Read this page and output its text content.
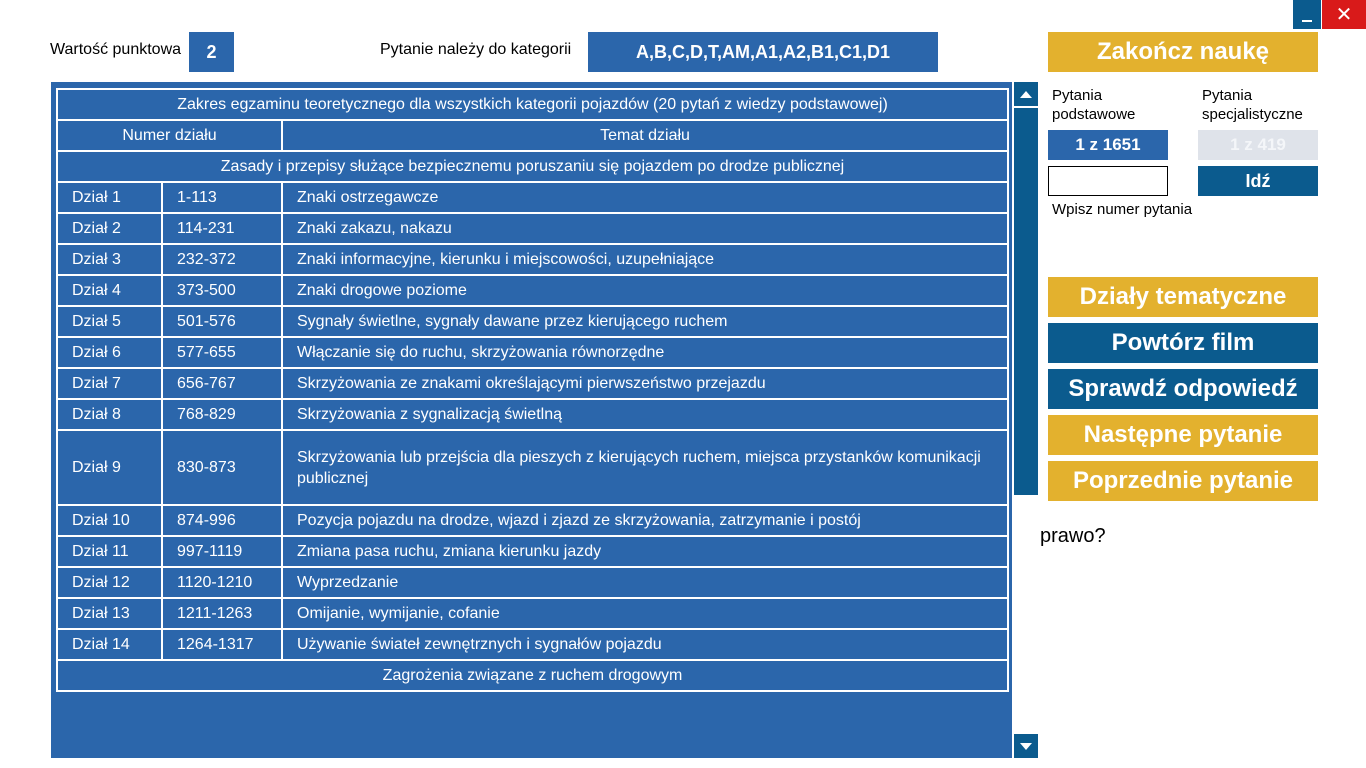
✕
Wartość punktowa	2	Pytanie należy do kategorii	A,B,C,D,T,AM,A1,A2,B1,C1,D1
Zakres egzaminu teoretycznego dla wszystkich kategorii pojazdów (20 pytań z wiedzy podstawowej)		
Numer działu		Temat działu
Zasady i przepisy służące bezpiecznemu poruszaniu się pojazdem po drodze publicznej		
Dział 1	1-113	Znaki ostrzegawcze
Dział 2	114-231	Znaki zakazu, nakazu
Dział 3	232-372	Znaki informacyjne, kierunku i miejscowości, uzupełniające
Dział 4	373-500	Znaki drogowe poziome
Dział 5	501-576	Sygnały świetlne, sygnały dawane przez kierującego ruchem
Dział 6	577-655	Włączanie się do ruchu, skrzyżowania równorzędne
Dział 7	656-767	Skrzyżowania ze znakami określającymi pierwszeństwo przejazdu
Dział 8	768-829	Skrzyżowania z sygnalizacją świetlną
Dział 9	830-873	Skrzyżowania lub przejścia dla pieszych z kierujących ruchem, miejsca przystanków komunikacji publicznej
Dział 10	874-996	Pozycja pojazdu na drodze, wjazd i zjazd ze skrzyżowania, zatrzymanie i postój
Dział 11	997-1119	Zmiana pasa ruchu, zmiana kierunku jazdy
Dział 12	1120-1210	Wyprzedzanie
Dział 13	1211-1263	Omijanie, wymijanie, cofanie
Dział 14	1264-1317	Używanie świateł zewnętrznych i sygnałów pojazdu
Zagrożenia związane z ruchem drogowym		
Zakończ naukę
Pytania podstawowe
Pytania specjalistyczne
1 z 1651	1 z 419
Idź
Wpisz numer pytania
Działy tematyczne
Powtórz film
Sprawdź odpowiedź
Następne pytanie
Poprzednie pytanie
prawo?
